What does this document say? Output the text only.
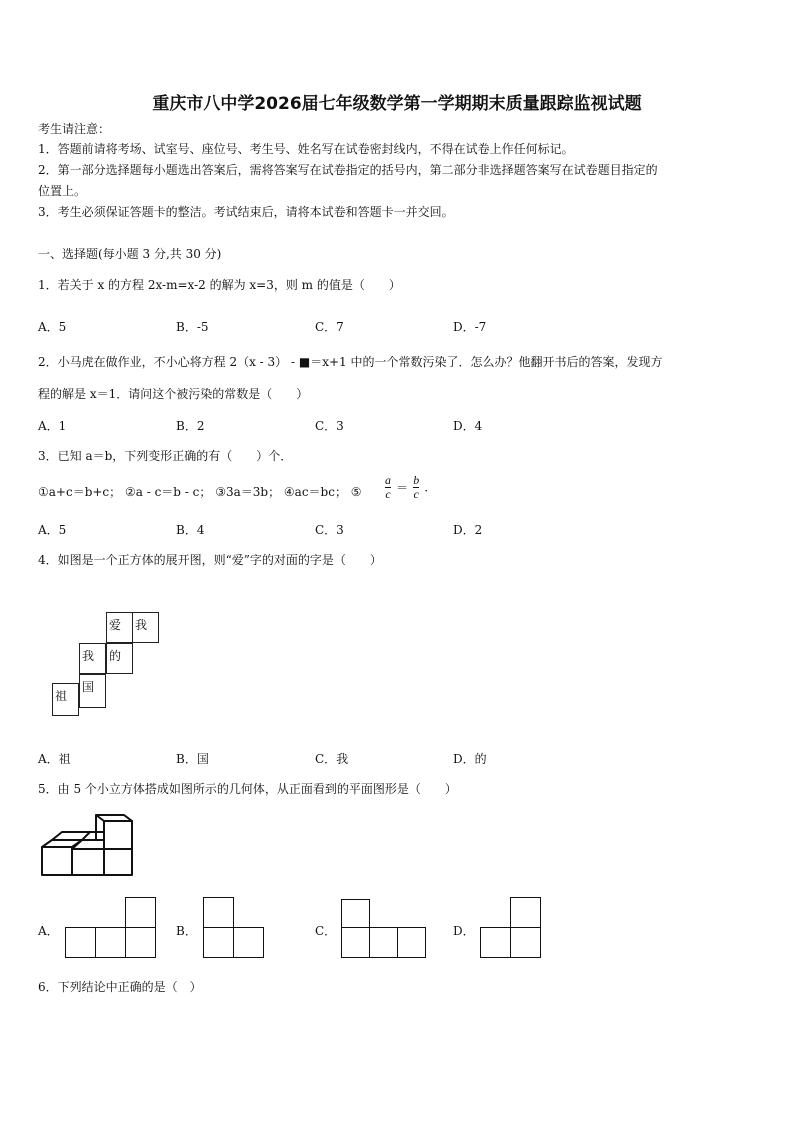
重庆市八中学2026届七年级数学第一学期期末质量跟踪监视试题
考生请注意：
1．答题前请将考场、试室号、座位号、考生号、姓名写在试卷密封线内，不得在试卷上作任何标记。
2．第一部分选择题每小题选出答案后，需将答案写在试卷指定的括号内，第二部分非选择题答案写在试卷题目指定的
位置上。
3．考生必须保证答题卡的整洁。考试结束后，请将本试卷和答题卡一并交回。
一、选择题(每小题 3 分,共 30 分)
1．若关于 x 的方程 2x-m=x-2 的解为 x=3，则 m 的值是（　　）
A．5	B．-5	C．7	D．-7
2．小马虎在做作业，不小心将方程 2（x - 3） - ■＝x+1 中的一个常数污染了．怎么办？他翻开书后的答案，发现方
程的解是 x＝1．请问这个被污染的常数是（　　）
A．1	B．2	C．3	D．4
3．已知 a＝b，下列变形正确的有（　　）个．
①a+c＝b+c； ②a - c＝b - c； ③3a＝3b； ④ac＝bc； ⑤ $\frac{a}{c} = \frac{b}{c}$ .
A．5	B．4	C．3	D．2
4．如图是一个正方体的展开图，则“爱”字的对面的字是（　　）
爱	我
我	的
祖
国
A．祖	B．国	C．我	D．的
5．由 5 个小立方体搭成如图所示的几何体，从正面看到的平面图形是（　　）
A．	B．	C．	D．
6．下列结论中正确的是（　）
